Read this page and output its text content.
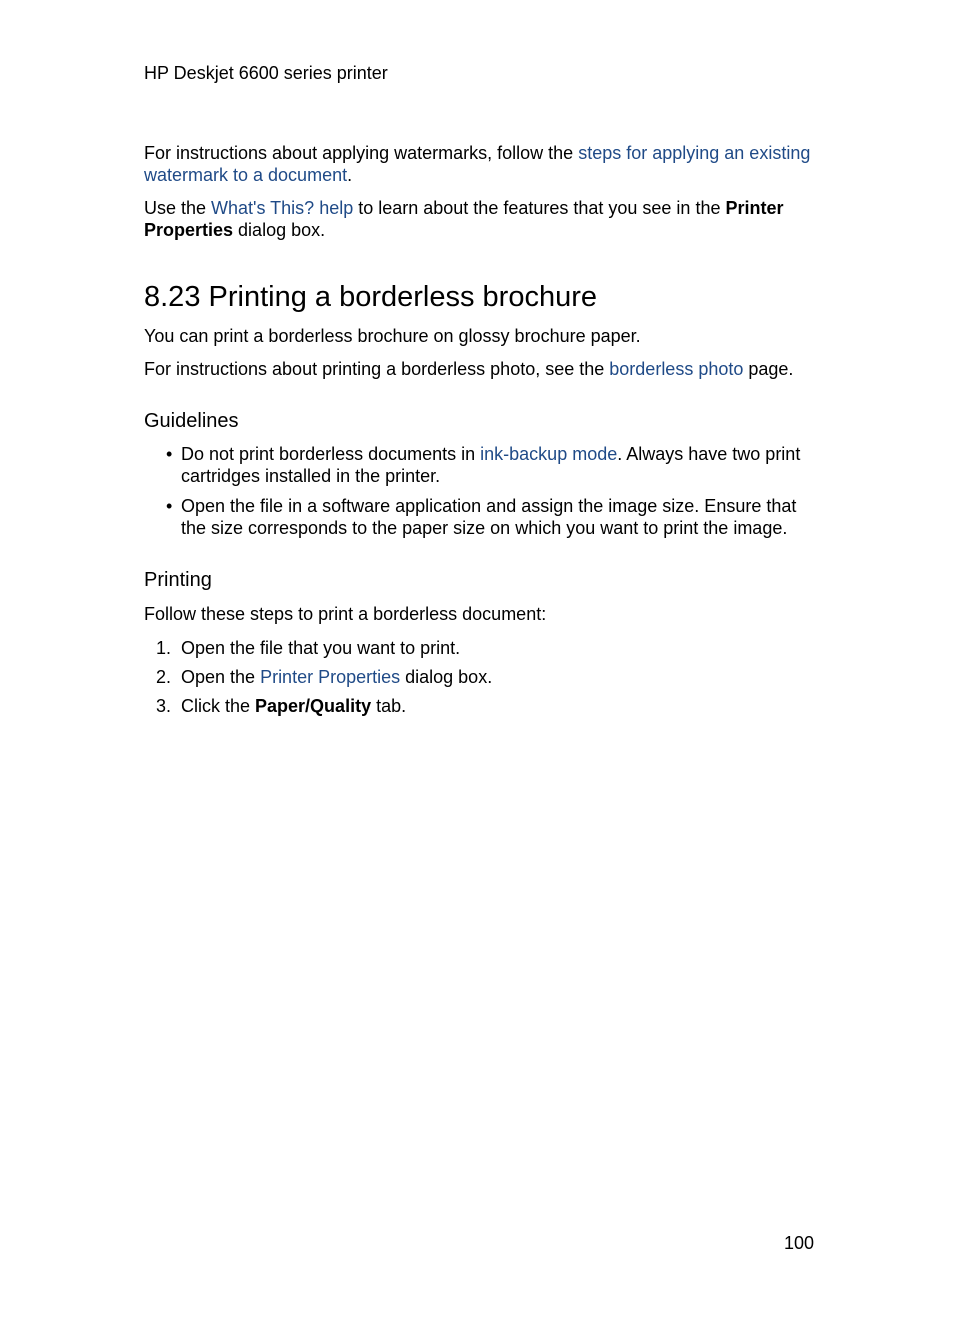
HP Deskjet 6600 series printer

For instructions about applying watermarks, follow the steps for applying an existing watermark to a document.

Use the What's This? help to learn about the features that you see in the Printer Properties dialog box.

8.23 Printing a borderless brochure

You can print a borderless brochure on glossy brochure paper.

For instructions about printing a borderless photo, see the borderless photo page.

Guidelines
• Do not print borderless documents in ink-backup mode. Always have two print cartridges installed in the printer.
• Open the file in a software application and assign the image size. Ensure that the size corresponds to the paper size on which you want to print the image.
Printing

Follow these steps to print a borderless document:

1. Open the file that you want to print.
2. Open the Printer Properties dialog box.
3. Click the Paper/Quality tab.
100
